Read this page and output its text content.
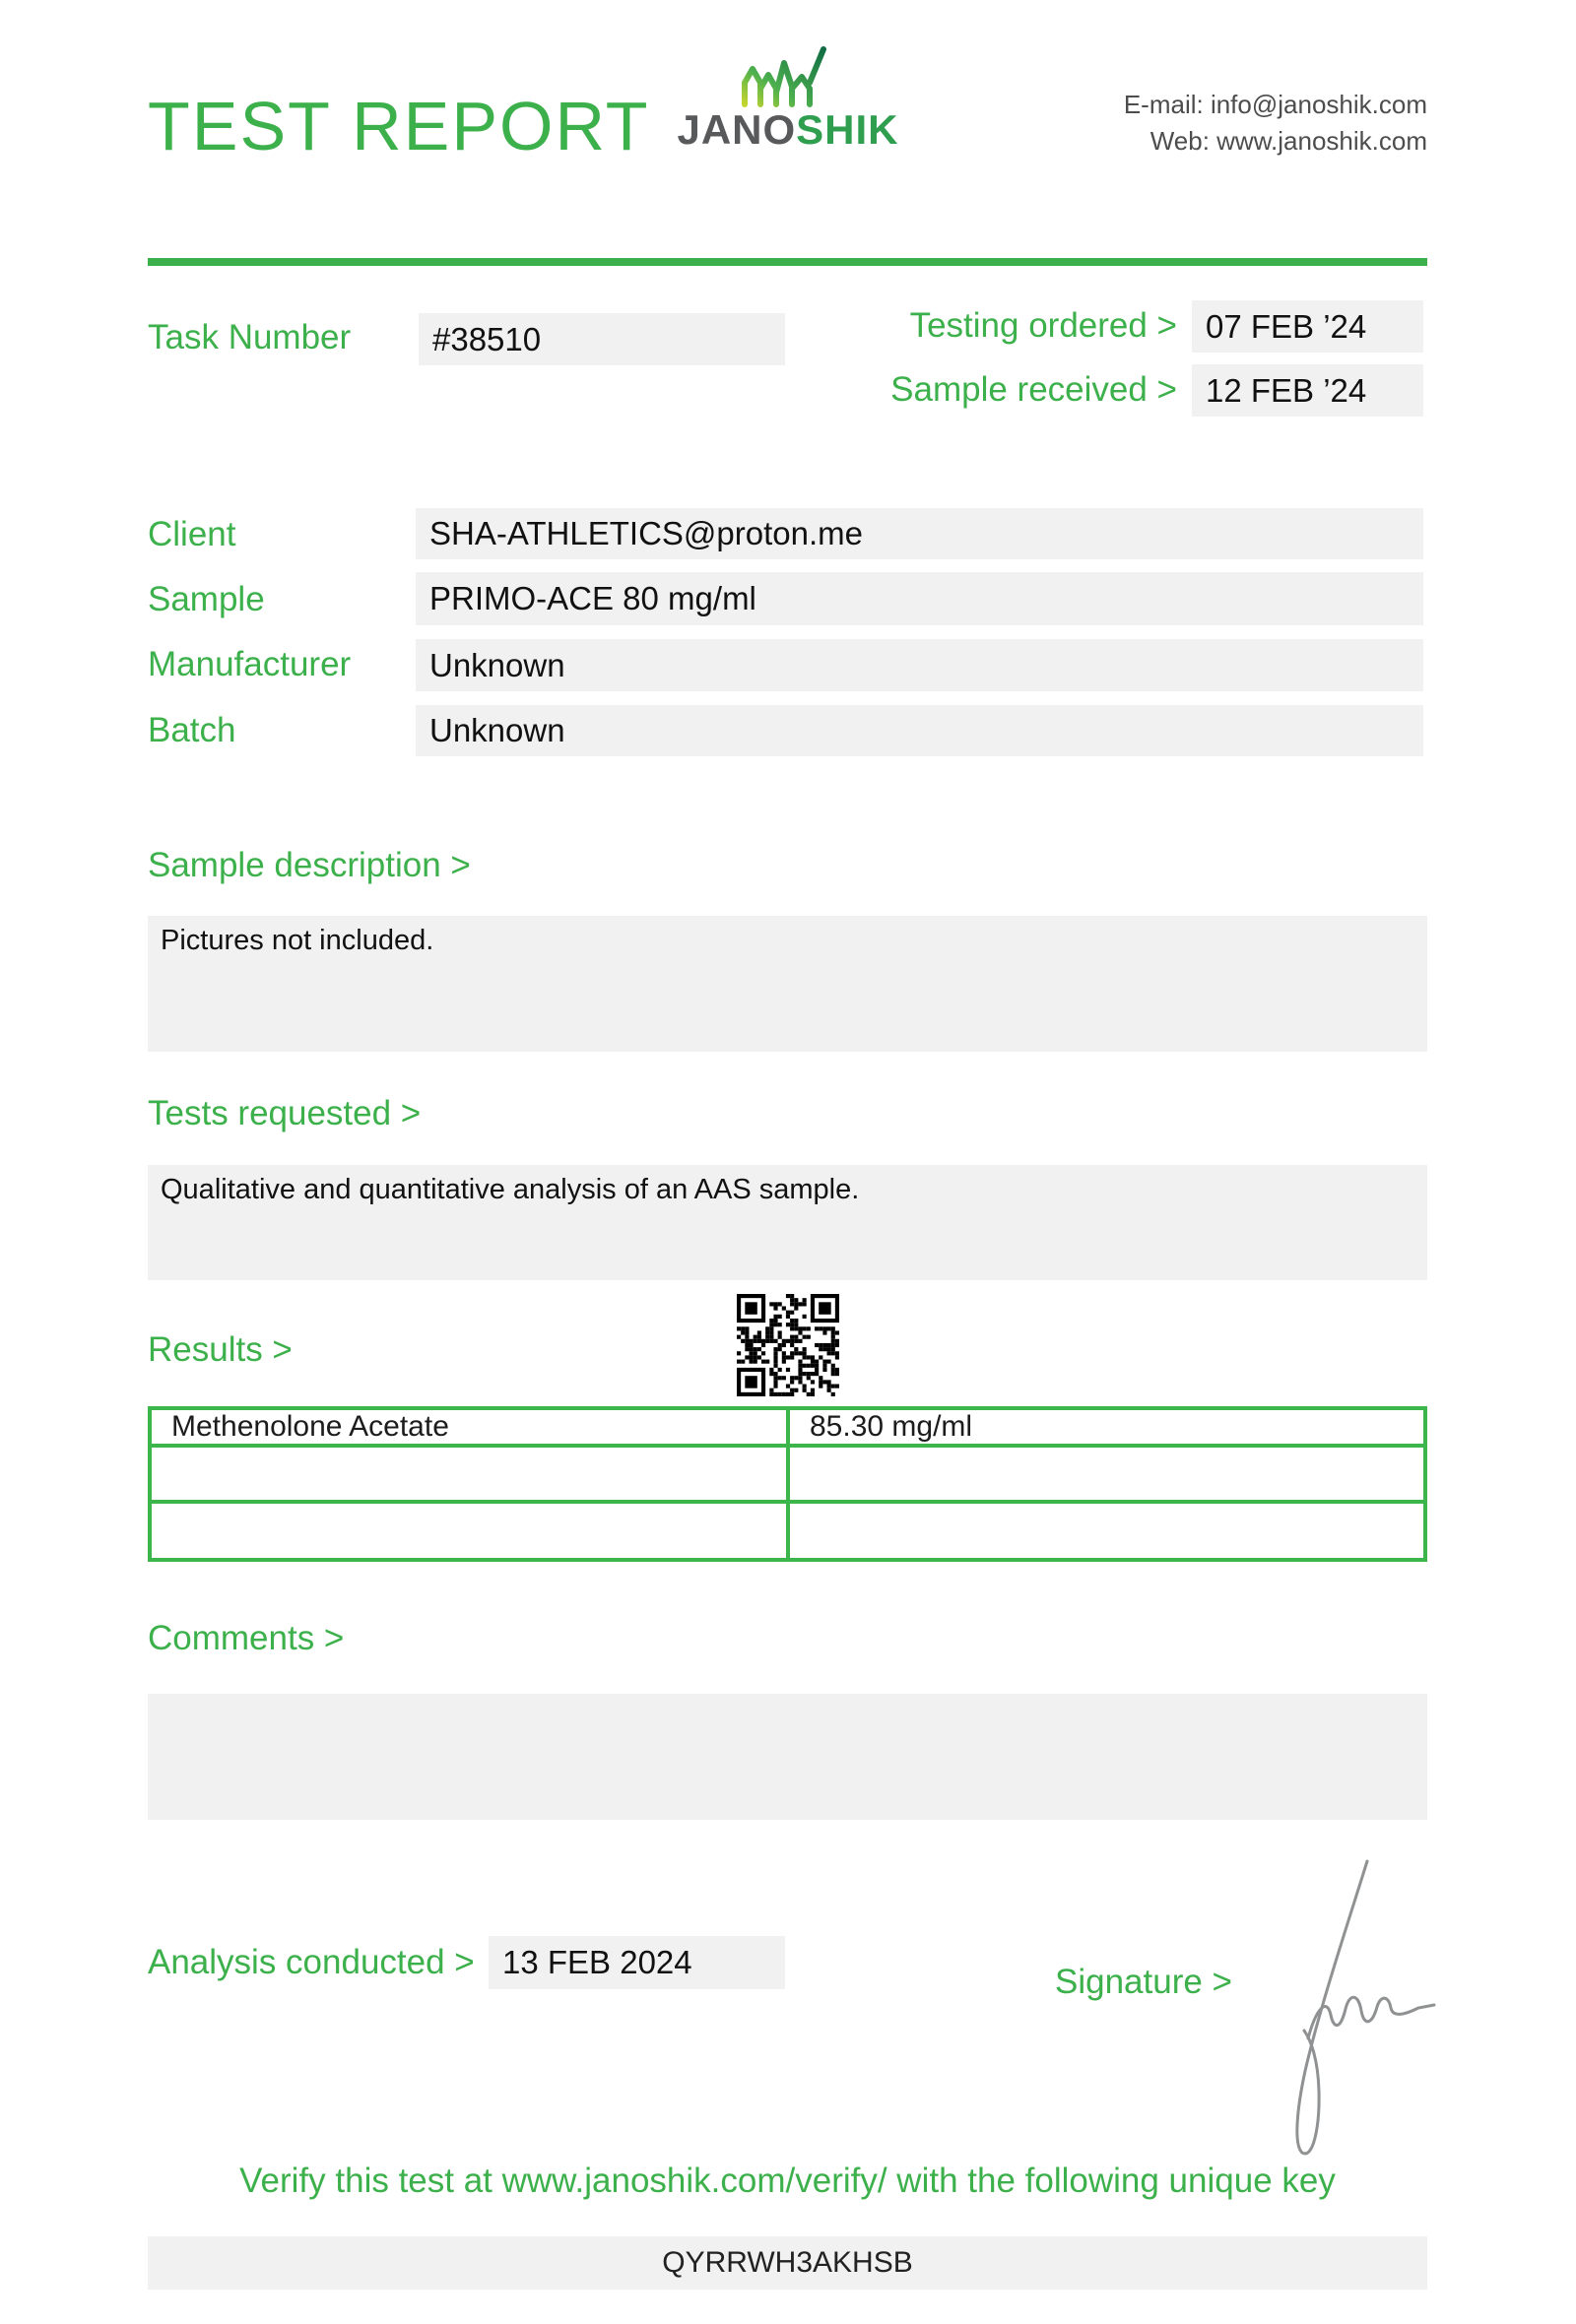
TEST REPORT JANOSHIK
E-mail: info@janoshik.com
Web: www.janoshik.com
Task Number	#38510	Testing ordered > 07 FEB ’24
Sample received > 12 FEB ’24
Client	SHA-ATHLETICS@proton.me
Sample	PRIMO-ACE 80 mg/ml
Manufacturer	Unknown
Batch	Unknown
Sample description >
Pictures not included.
Tests requested >
Qualitative and quantitative analysis of an AAS sample.
Results >
Methenolone Acetate	85.30 mg/ml
Comments >
Analysis conducted > 13 FEB 2024
Signature >
Verify this test at www.janoshik.com/verify/ with the following unique key
QYRRWH3AKHSB
